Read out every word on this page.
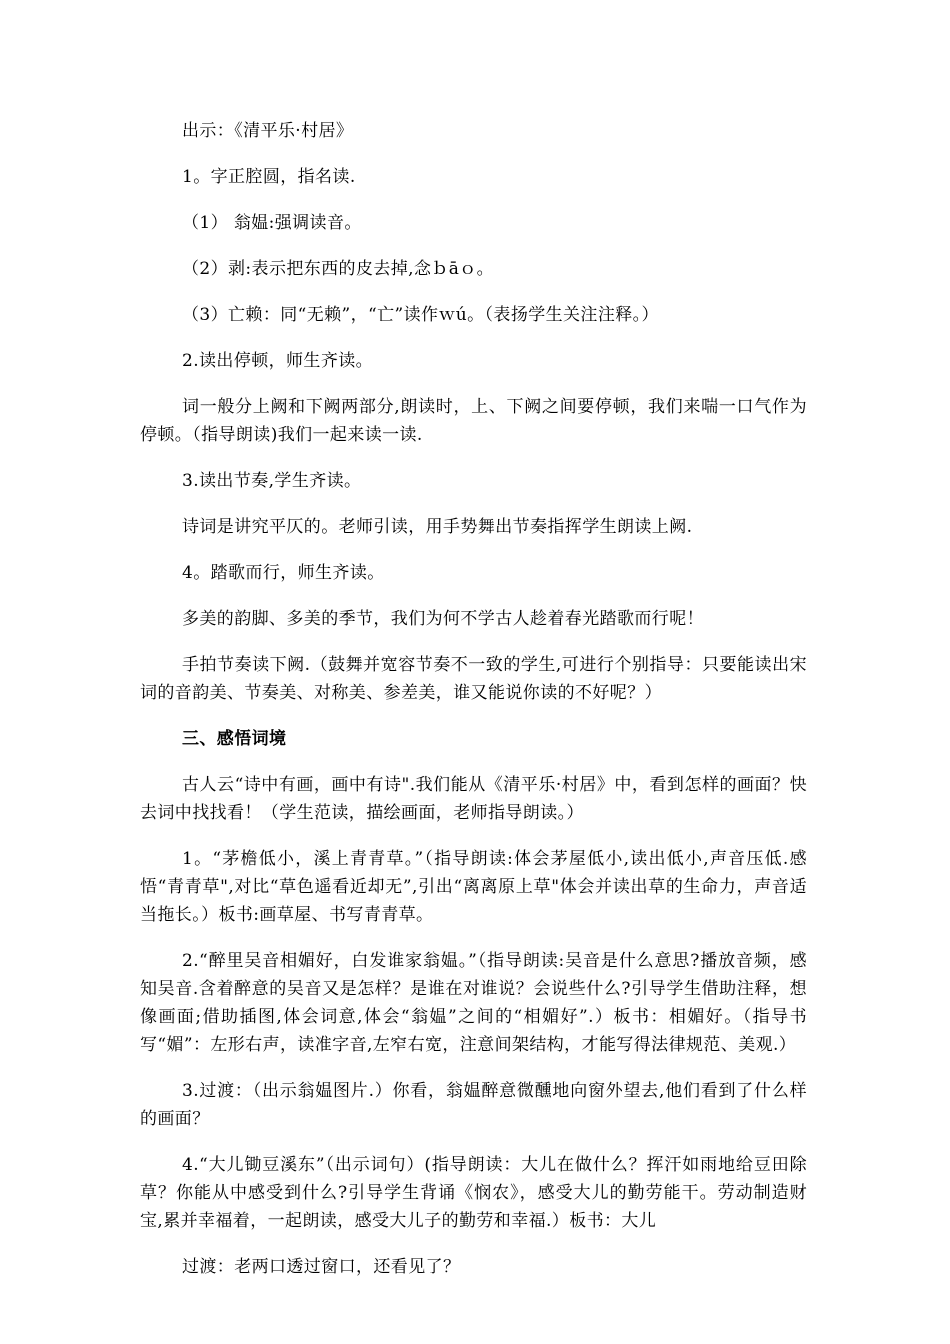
出示：《清平乐·村居》

1。字正腔圆，指名读.

（1） 翁媪:强调读音。

（2）剥:表示把东西的皮去掉,念ｂāｏ。

（3）亡赖：同“无赖”，“亡”读作ｗú。（表扬学生关注注释。）

2.读出停顿，师生齐读。

词一般分上阙和下阙两部分,朗读时，上、下阙之间要停顿，我们来喘一口气作为停顿。（指导朗读)我们一起来读一读.

3.读出节奏,学生齐读。

诗词是讲究平仄的。老师引读，用手势舞出节奏指挥学生朗读上阙.

4。踏歌而行，师生齐读。

多美的韵脚、多美的季节，我们为何不学古人趁着春光踏歌而行呢！

手拍节奏读下阙.（鼓舞并宽容节奏不一致的学生,可进行个别指导：只要能读出宋词的音韵美、节奏美、对称美、参差美，谁又能说你读的不好呢？）

三、感悟词境

古人云“诗中有画，画中有诗".我们能从《清平乐·村居》中，看到怎样的画面？快去词中找找看！（学生范读，描绘画面，老师指导朗读。）

1。“茅檐低小，溪上青青草。”（指导朗读:体会茅屋低小,读出低小,声音压低.感悟“青青草",对比“草色遥看近却无”,引出“离离原上草"体会并读出草的生命力，声音适当拖长。）板书:画草屋、书写青青草。

2.“醉里吴音相媚好，白发谁家翁媪。”（指导朗读:吴音是什么意思?播放音频，感知吴音.含着醉意的吴音又是怎样？是谁在对谁说？会说些什么?引导学生借助注释，想像画面;借助插图,体会词意,体会“翁媪”之间的“相媚好”.）板书：相媚好。（指导书写“媚”：左形右声，读准字音,左窄右宽，注意间架结构，才能写得法律规范、美观.）

3.过渡：（出示翁媪图片.）你看，翁媪醉意微醺地向窗外望去,他们看到了什么样的画面？

4.“大儿锄豆溪东”（出示词句）(指导朗读：大儿在做什么？挥汗如雨地给豆田除草？你能从中感受到什么?引导学生背诵《悯农》，感受大儿的勤劳能干。劳动制造财宝,累并幸福着，一起朗读，感受大儿子的勤劳和幸福.）板书：大儿

过渡：老两口透过窗口，还看见了？
